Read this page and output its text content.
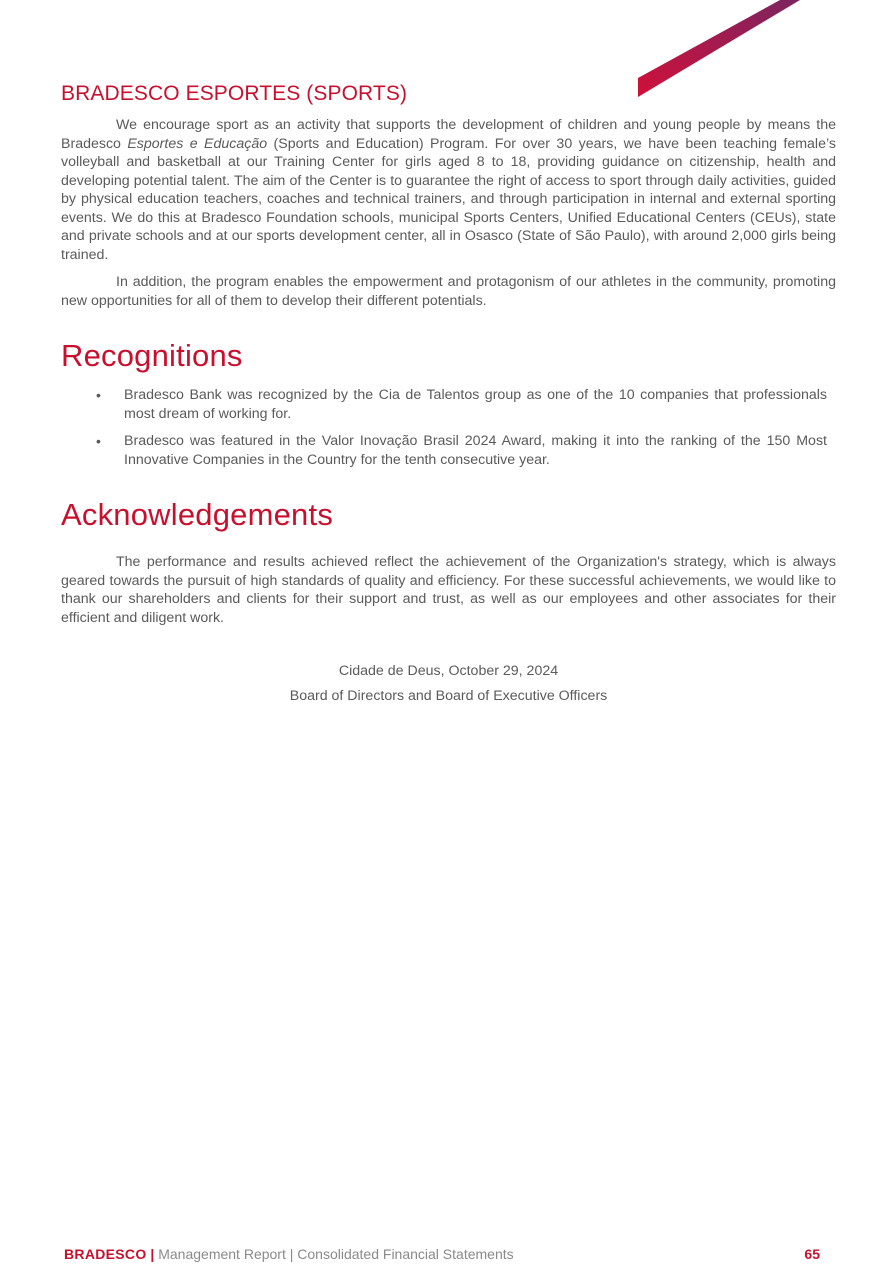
BRADESCO ESPORTES (SPORTS)

We encourage sport as an activity that supports the development of children and young people by means the Bradesco Esportes e Educação (Sports and Education) Program. For over 30 years, we have been teaching female’s volleyball and basketball at our Training Center for girls aged 8 to 18, providing guidance on citizenship, health and developing potential talent. The aim of the Center is to guarantee the right of access to sport through daily activities, guided by physical education teachers, coaches and technical trainers, and through participation in internal and external sporting events. We do this at Bradesco Foundation schools, municipal Sports Centers, Unified Educational Centers (CEUs), state and private schools and at our sports development center, all in Osasco (State of São Paulo), with around 2,000 girls being trained.

In addition, the program enables the empowerment and protagonism of our athletes in the community, promoting new opportunities for all of them to develop their different potentials.

Recognitions
• Bradesco Bank was recognized by the Cia de Talentos group as one of the 10 companies that professionals most dream of working for.
• Bradesco was featured in the Valor Inovação Brasil 2024 Award, making it into the ranking of the 150 Most Innovative Companies in the Country for the tenth consecutive year.
Acknowledgements

The performance and results achieved reflect the achievement of the Organization's strategy, which is always geared towards the pursuit of high standards of quality and efficiency. For these successful achievements, we would like to thank our shareholders and clients for their support and trust, as well as our employees and other associates for their efficient and diligent work.

Cidade de Deus, October 29, 2024
Board of Directors and Board of Executive Officers
BRADESCO | Management Report | Consolidated Financial Statements	65
